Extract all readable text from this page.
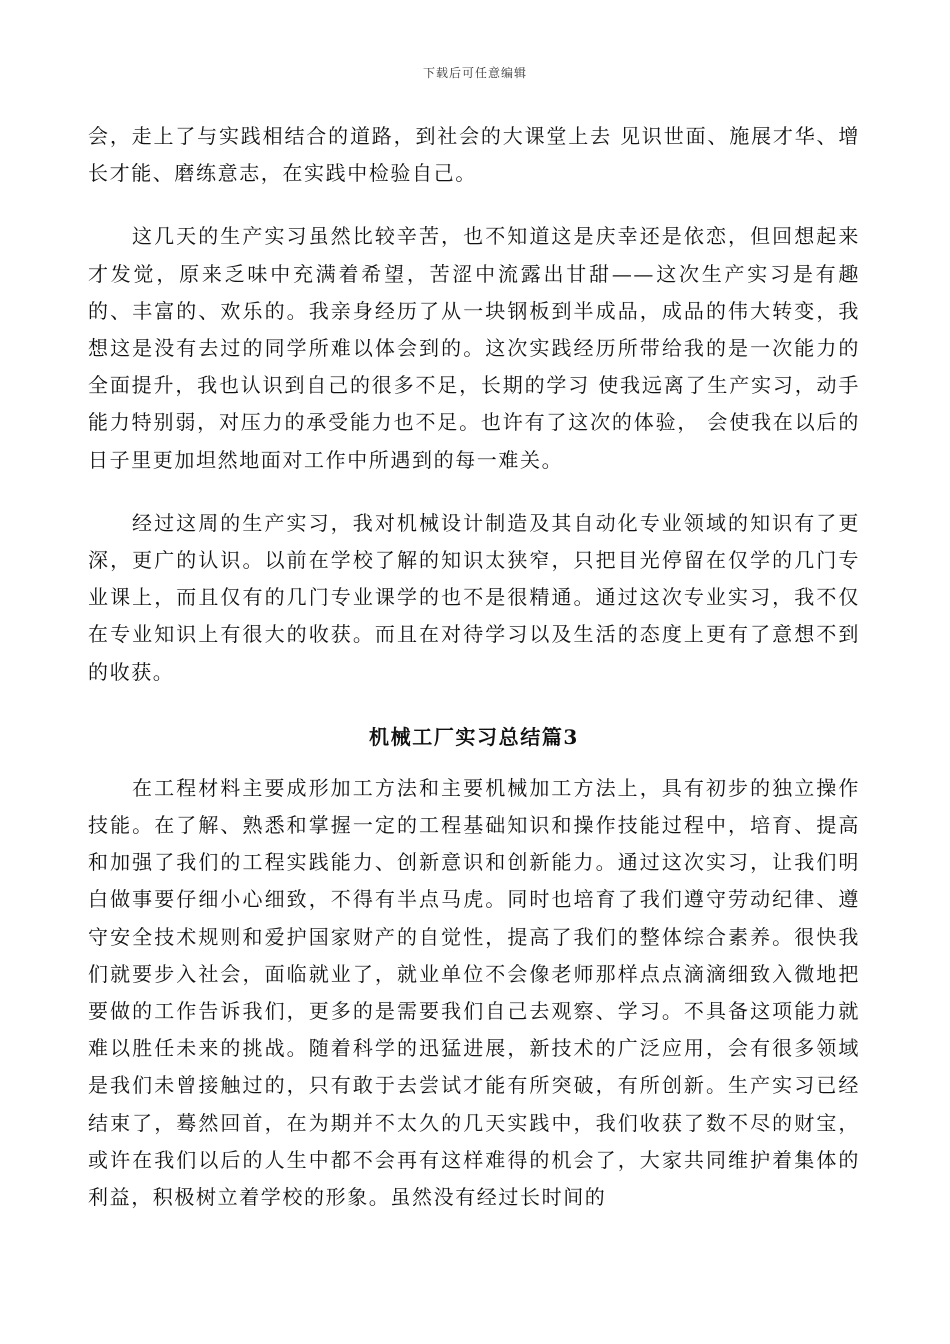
下载后可任意编辑

会，走上了与实践相结合的道路，到社会的大课堂上去 见识世面、施展才华、增长才能、磨练意志，在实践中检验自己。

这几天的生产实习虽然比较辛苦，也不知道这是庆幸还是依恋，但回想起来才发觉，原来乏味中充满着希望，苦涩中流露出甘甜——这次生产实习是有趣的、丰富的、欢乐的。我亲身经历了从一块钢板到半成品，成品的伟大转变，我想这是没有去过的同学所难以体会到的。这次实践经历所带给我的是一次能力的全面提升，我也认识到自己的很多不足，长期的学习 使我远离了生产实习，动手能力特别弱，对压力的承受能力也不足。也许有了这次的体验， 会使我在以后的日子里更加坦然地面对工作中所遇到的每一难关。

经过这周的生产实习，我对机械设计制造及其自动化专业领域的知识有了更深，更广的认识。以前在学校了解的知识太狭窄，只把目光停留在仅学的几门专业课上，而且仅有的几门专业课学的也不是很精通。通过这次专业实习，我不仅在专业知识上有很大的收获。而且在对待学习以及生活的态度上更有了意想不到的收获。

机械工厂实习总结篇3

在工程材料主要成形加工方法和主要机械加工方法上，具有初步的独立操作技能。在了解、熟悉和掌握一定的工程基础知识和操作技能过程中，培育、提高和加强了我们的工程实践能力、创新意识和创新能力。通过这次实习，让我们明白做事要仔细小心细致，不得有半点马虎。同时也培育了我们遵守劳动纪律、遵守安全技术规则和爱护国家财产的自觉性，提高了我们的整体综合素养。很快我们就要步入社会，面临就业了，就业单位不会像老师那样点点滴滴细致入微地把要做的工作告诉我们，更多的是需要我们自己去观察、学习。不具备这项能力就难以胜任未来的挑战。随着科学的迅猛进展，新技术的广泛应用，会有很多领域是我们未曾接触过的，只有敢于去尝试才能有所突破，有所创新。生产实习已经结束了，蓦然回首，在为期并不太久的几天实践中，我们收获了数不尽的财宝，或许在我们以后的人生中都不会再有这样难得的机会了，大家共同维护着集体的利益，积极树立着学校的形象。虽然没有经过长时间的
